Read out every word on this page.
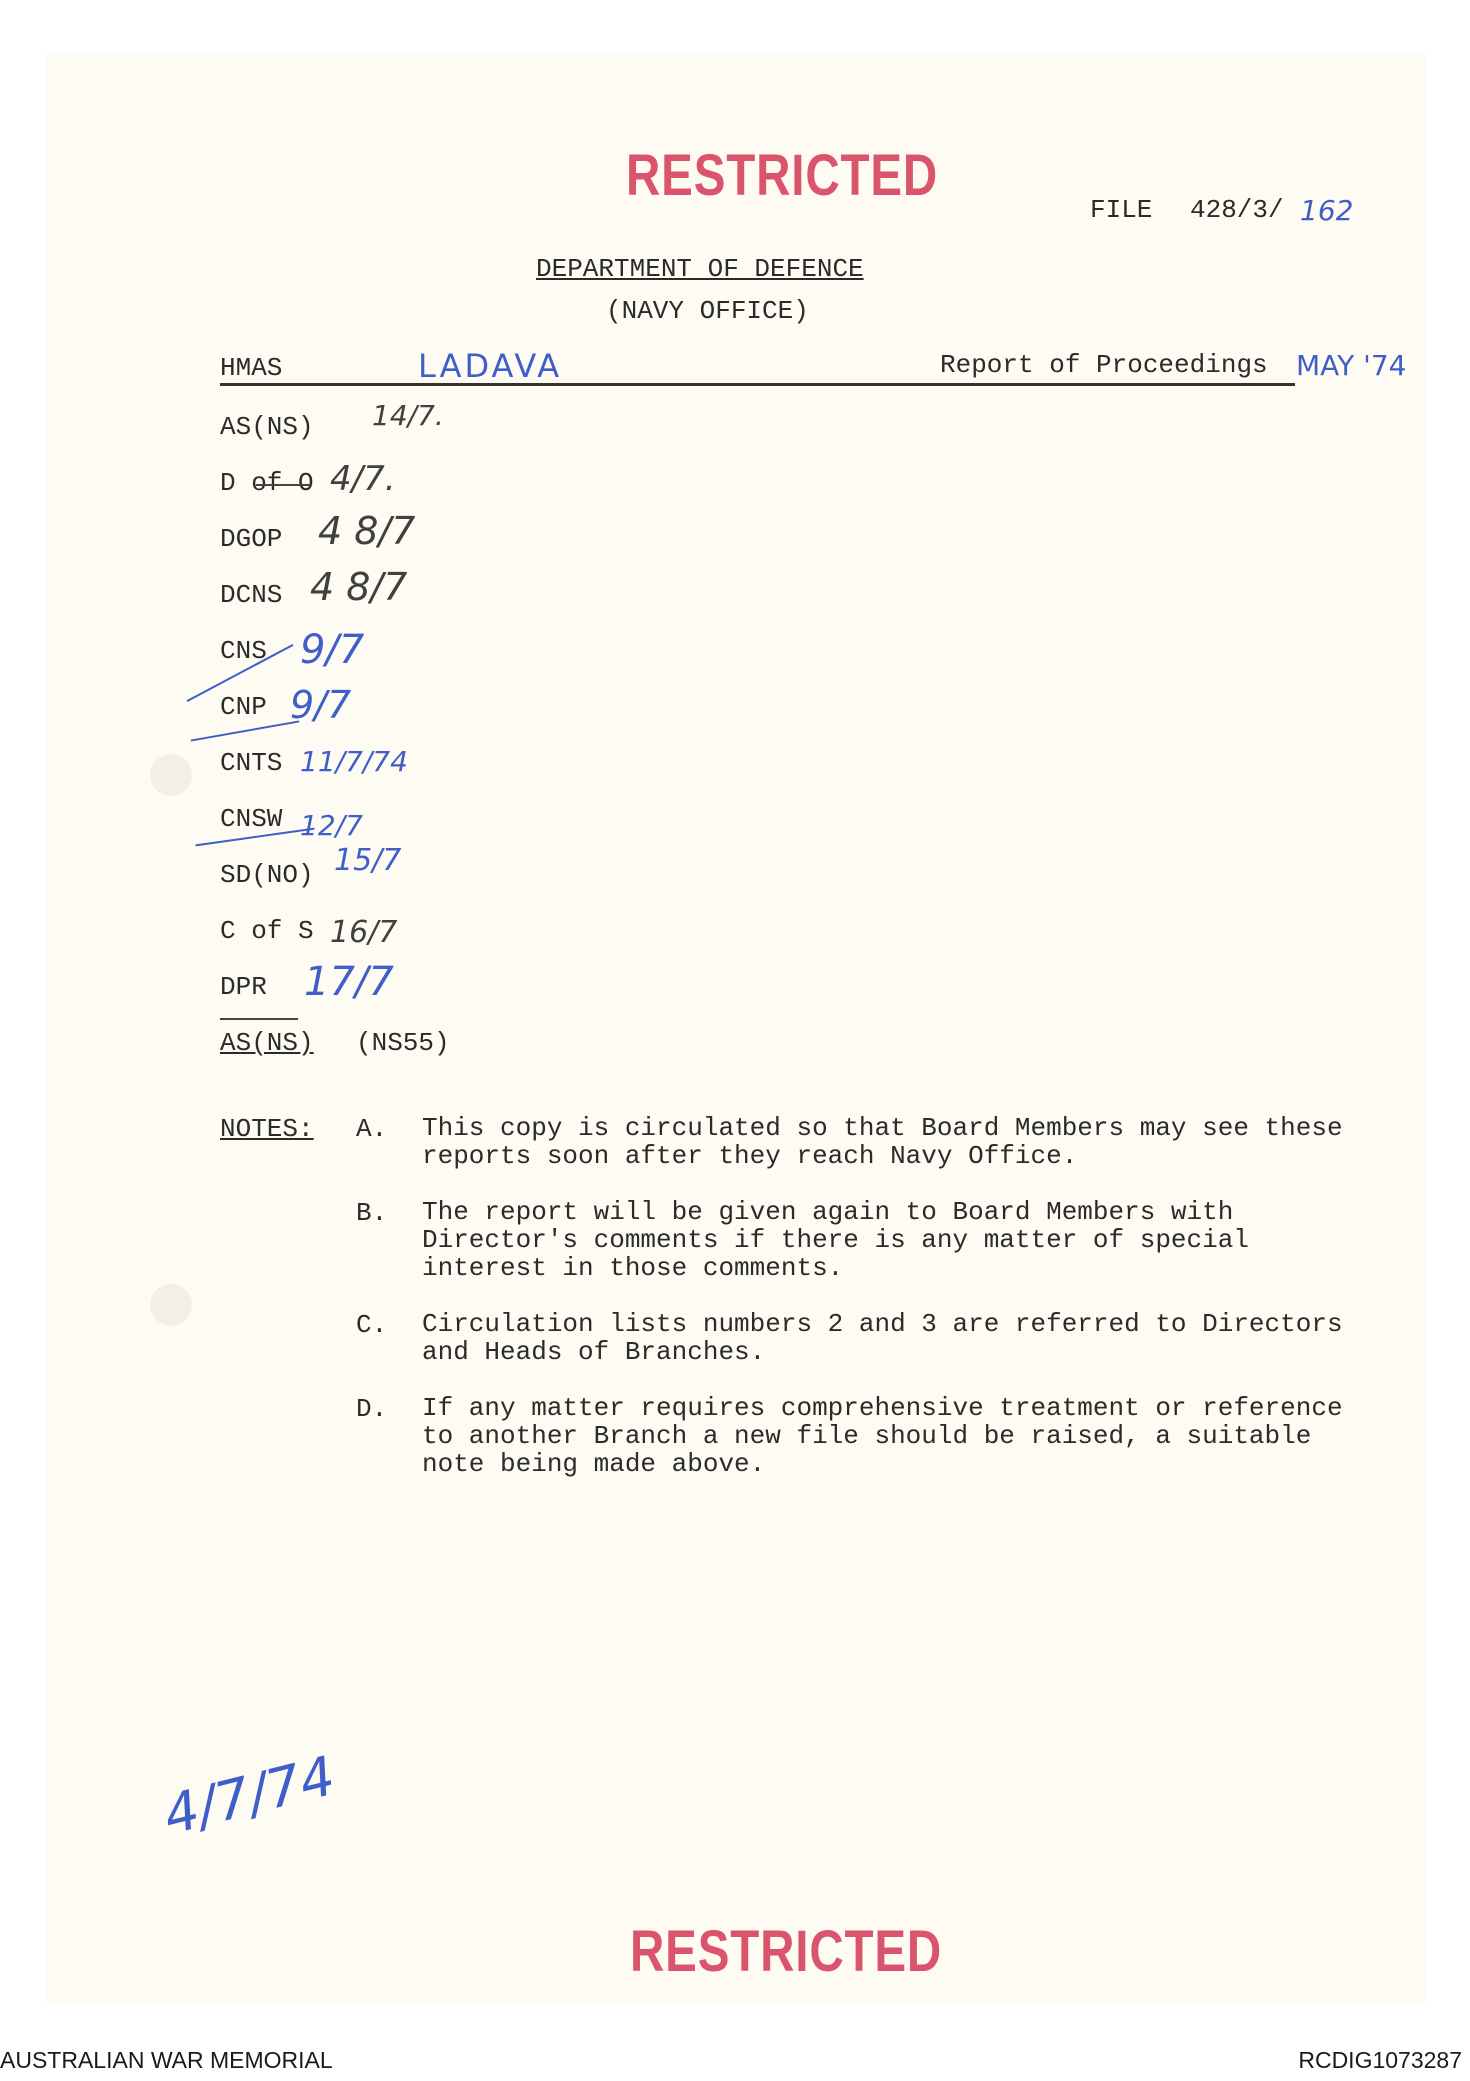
RESTRICTED
FILE 428/3/ 162
DEPARTMENT OF DEFENCE
(NAVY OFFICE)
HMAS	LADAVA	Report of Proceedings MAY '74
AS(NS) 14/7.
D of O 4/7.
DGOP 4 8/7
DCNS 4 8/7
CNS 9/7
CNP 9/7
CNTS 11/7/74
CNSW 12/7
SD(NO) 15/7
C of S 16/7
DPR 17/7
AS(NS) (NS55)
NOTES: A. This copy is circulated so that Board Members may see these reports soon after they reach Navy Office.
B. The report will be given again to Board Members with Director's comments if there is any matter of special interest in those comments.
C. Circulation lists numbers 2 and 3 are referred to Directors and Heads of Branches.
D. If any matter requires comprehensive treatment or reference to another Branch a new file should be raised, a suitable note being made above.
4/7/74
RESTRICTED
AUSTRALIAN WAR MEMORIAL	RCDIG1073287
